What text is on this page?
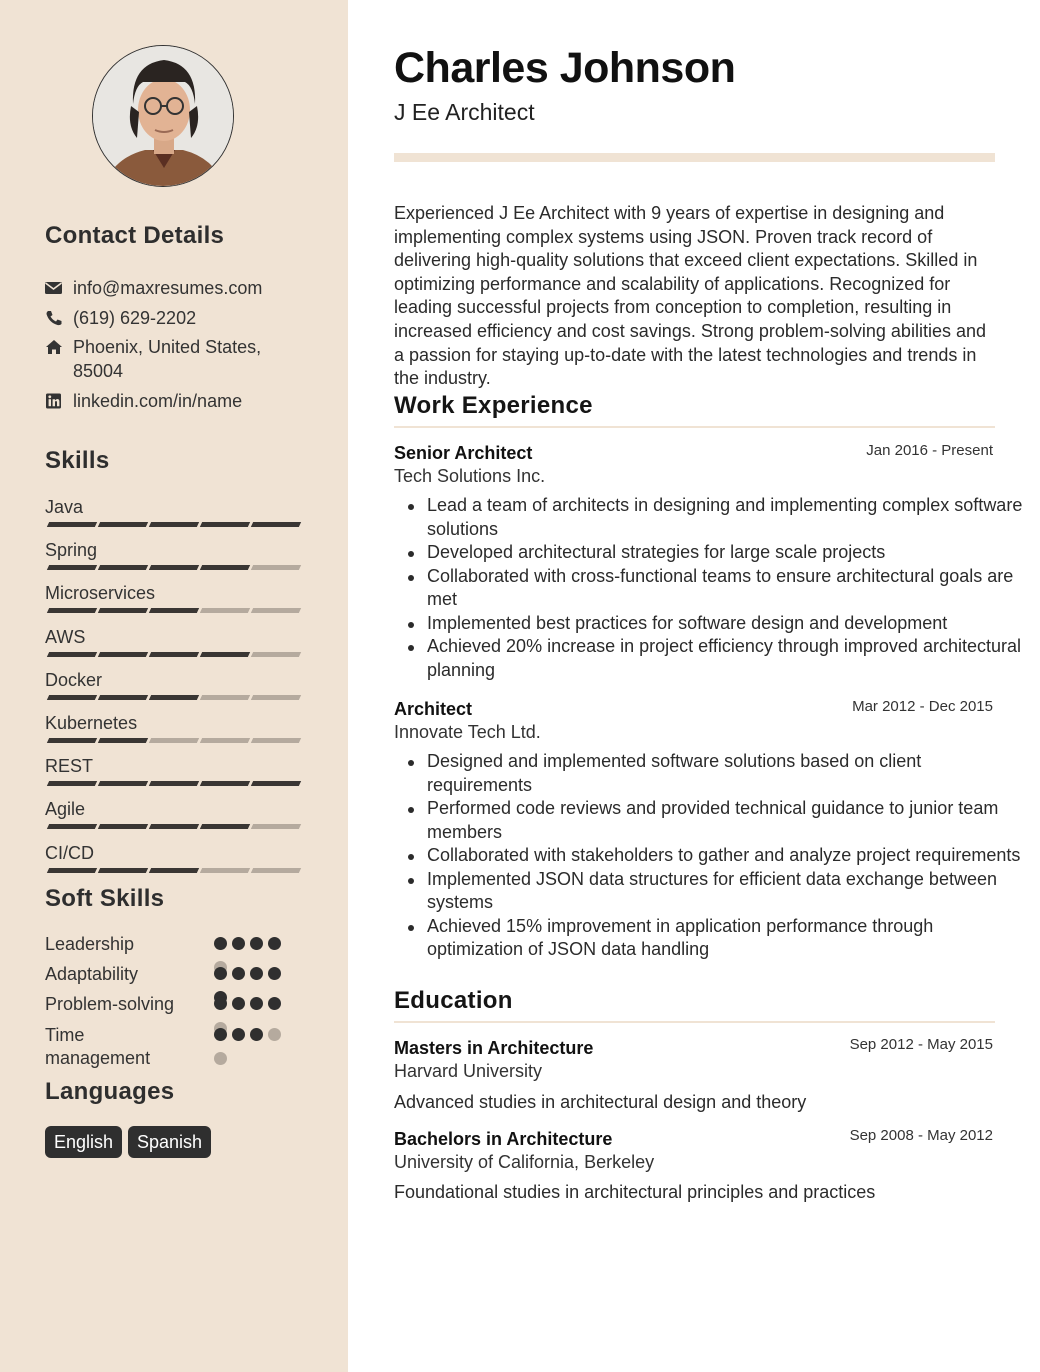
Contact Details
info@maxresumes.com
(619) 629-2202
Phoenix, United States, 85004
linkedin.com/in/name
Skills
Java
Spring
Microservices
AWS
Docker
Kubernetes
REST
Agile
CI/CD
Soft Skills
Leadership
Adaptability
Problem-solving
Time management
Languages
English	Spanish
Charles Johnson
J Ee Architect
Experienced J Ee Architect with 9 years of expertise in designing and implementing complex systems using JSON. Proven track record of delivering high-quality solutions that exceed client expectations. Skilled in optimizing performance and scalability of applications. Recognized for leading successful projects from conception to completion, resulting in increased efficiency and cost savings. Strong problem-solving abilities and a passion for staying up-to-date with the latest technologies and trends in the industry.
Work Experience
Senior Architect	Jan 2016 - Present
Tech Solutions Inc.
Lead a team of architects in designing and implementing complex software solutions
Developed architectural strategies for large scale projects
Collaborated with cross-functional teams to ensure architectural goals are met
Implemented best practices for software design and development
Achieved 20% increase in project efficiency through improved architectural planning
Architect	Mar 2012 - Dec 2015
Innovate Tech Ltd.
Designed and implemented software solutions based on client requirements
Performed code reviews and provided technical guidance to junior team members
Collaborated with stakeholders to gather and analyze project requirements
Implemented JSON data structures for efficient data exchange between systems
Achieved 15% improvement in application performance through optimization of JSON data handling
Education
Masters in Architecture	Sep 2012 - May 2015
Harvard University
Advanced studies in architectural design and theory
Bachelors in Architecture	Sep 2008 - May 2012
University of California, Berkeley
Foundational studies in architectural principles and practices
